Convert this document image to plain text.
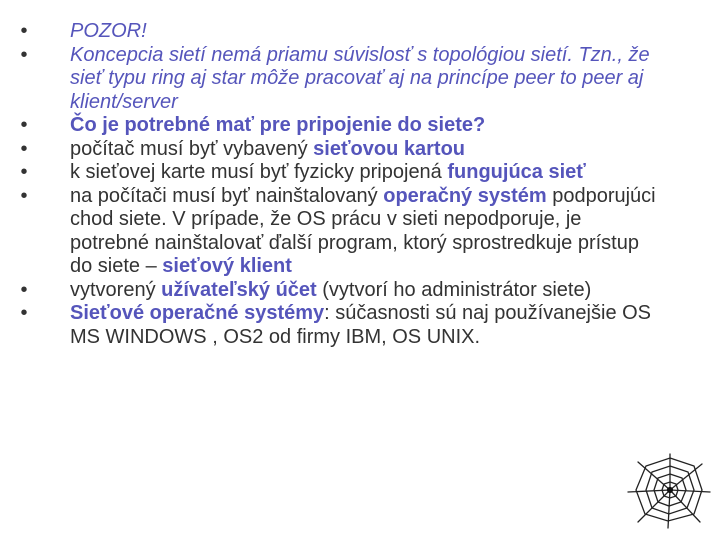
•	POZOR!
•	Koncepcia sietí nemá priamu súvislosť s topológiou sietí. Tzn., že sieť typu ring aj star môže pracovať aj na princípe peer to peer aj klient/server
•	Čo je potrebné mať pre pripojenie do siete?
•	počítač musí byť vybavený sieťovou kartou
•	k sieťovej karte musí byť fyzicky pripojená fungujúca sieť
•	na počítači musí byť nainštalovaný operačný systém podporujúci chod siete. V prípade, že OS prácu v sieti nepodporuje, je potrebné nainštalovať ďalší program, ktorý sprostredkuje prístup do siete – sieťový klient
•	vytvorený užívateľský účet (vytvorí ho administrátor siete)
•	Sieťové operačné systémy: súčasnosti sú naj používanejšie OS MS WINDOWS , OS2 od firmy IBM, OS UNIX.
